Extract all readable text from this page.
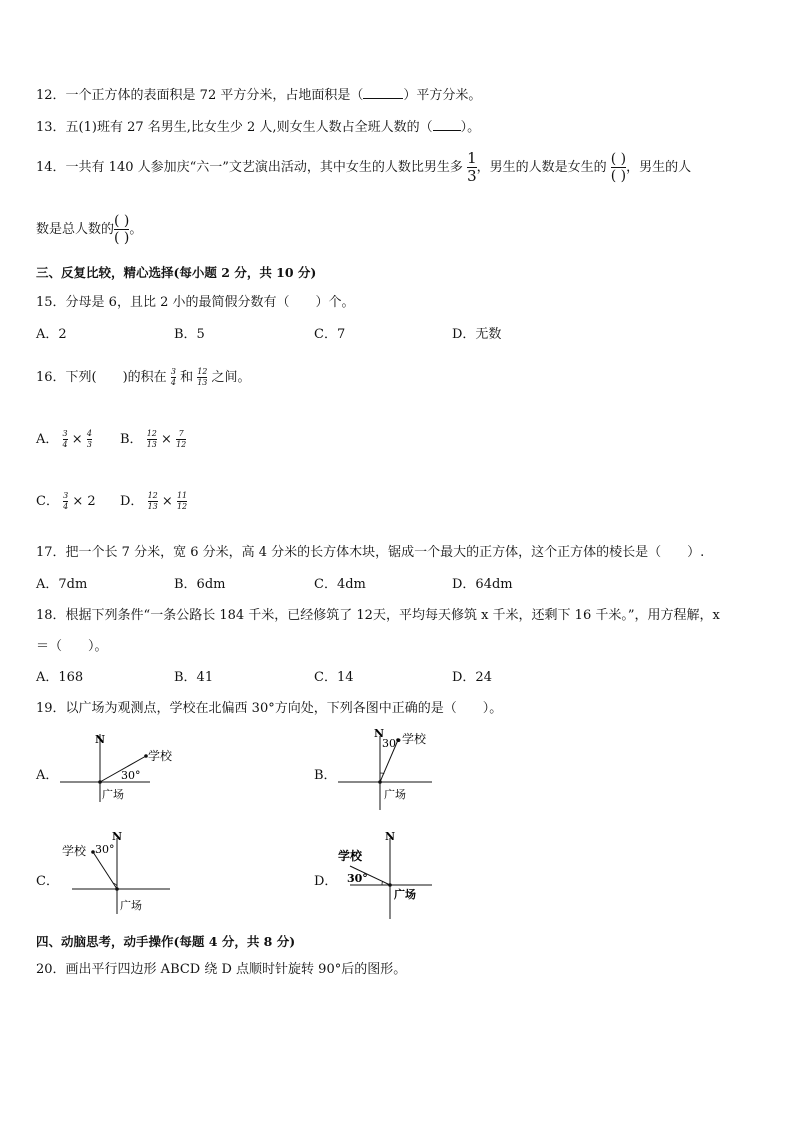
12．一个正方体的表面积是 72 平方分米，占地面积是（	）平方分米。
13．五(1)班有 27 名男生,比女生少 2 人,则女生人数占全班人数的（ ）。
14．一共有 140 人参加庆“六一”文艺演出活动，其中女生的人数比男生多 $\frac{1}{3}$ ，男生的人数是女生的 $\frac{( )}{( )}$ ，男生的人
数是总人数的 $\frac{( )}{( )}$ 。
三、反复比较，精心选择(每小题 2 分，共 10 分)
15．分母是 6，且比 2 小的最简假分数有（　　）个。
A．2	B．5	C．7	D．无数
16．下列(　　)的积在 $\frac{3}{4}$ 和 $\frac{12}{13}$ 之间。
A． $\frac{3}{4} \times \frac{4}{3}$ B． $\frac{12}{13} \times \frac{7}{12}$
C． $\frac{3}{4} \times 2$ D． $\frac{12}{13} \times \frac{11}{12}$
17．把一个长 7 分米，宽 6 分米，高 4 分米的长方体木块，锯成一个最大的正方体，这个正方体的棱长是（　　）.
A．7dm	B．6dm	C．4dm	D．64dm
18．根据下列条件“一条公路长 184 千米，已经修筑了 12天，平均每天修筑 x 千米，还剩下 16 千米。”，用方程解，x
＝（　　）。
A．168	B．41	C．14	D．24
19．以广场为观测点，学校在北偏西 30°方向处，下列各图中正确的是（　　）。
A．
N
学校
30°
广场
B．
N
30° 学校
广场
C．
N
学校 30°
广场
D．
N
学校
30°
广场
四、动脑思考，动手操作(每题 4 分，共 8 分)
20．画出平行四边形 ABCD 绕 D 点顺时针旋转 90°后的图形。
